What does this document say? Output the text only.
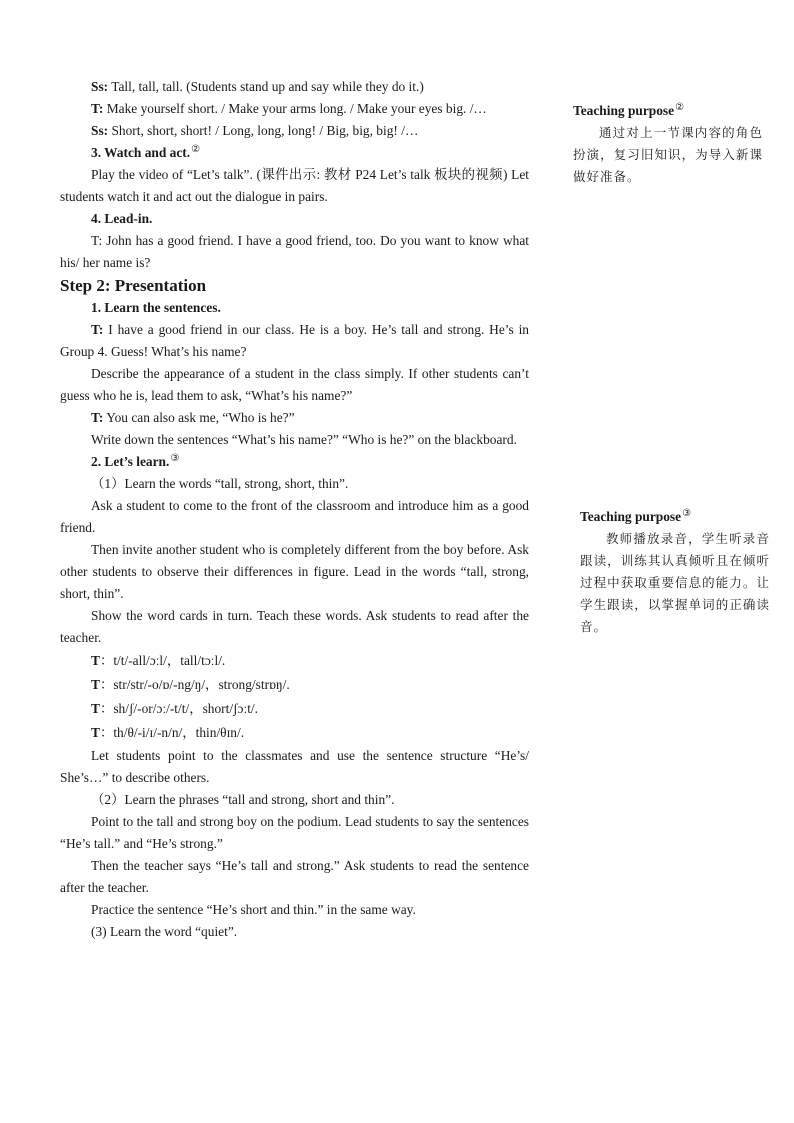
Ss: Tall, tall, tall. (Students stand up and say while they do it.)

T: Make yourself short. / Make your arms long. / Make your eyes big. /…

Ss: Short, short, short! / Long, long, long! / Big, big, big! /…

3. Watch and act.②

Play the video of “Let’s talk”. (课件出示: 教材 P24 Let’s talk 板块的视频) Let students watch it and act out the dialogue in pairs.

4. Lead-in.

T: John has a good friend. I have a good friend, too. Do you want to know what his/ her name is?

Step 2: Presentation

1. Learn the sentences.

T: I have a good friend in our class. He is a boy. He’s tall and strong. He’s in Group 4. Guess! What’s his name?

Describe the appearance of a student in the class simply. If other students can’t guess who he is, lead them to ask, “What’s his name?”

T: You can also ask me, “Who is he?”

Write down the sentences “What’s his name?” “Who is he?” on the blackboard.

2. Let’s learn.③

（1）Learn the words “tall, strong, short, thin”.

Ask a student to come to the front of the classroom and introduce him as a good friend.

Then invite another student who is completely different from the boy before. Ask other students to observe their differences in figure. Lead in the words “tall, strong, short, thin”.

Show the word cards in turn. Teach these words. Ask students to read after the teacher.

T：t/t/-all/ɔːl/，tall/tɔːl/.

T：str/str/-o/ɒ/-ng/ŋ/，strong/strɒŋ/.

T：sh/ʃ/-or/ɔː/-t/t/，short/ʃɔːt/.

T：th/θ/-i/ɪ/-n/n/，thin/θɪn/.

Let students point to the classmates and use the sentence structure “He’s/ She’s…” to describe others.

（2）Learn the phrases “tall and strong, short and thin”.

Point to the tall and strong boy on the podium. Lead students to say the sentences “He’s tall.” and “He’s strong.”

Then the teacher says “He’s tall and strong.” Ask students to read the sentence after the teacher.

Practice the sentence “He’s short and thin.” in the same way.

(3) Learn the word “quiet”.

Teaching purpose②

通过对上一节课内容的角色扮演，复习旧知识，为导入新课做好准备。

Teaching purpose③

教师播放录音，学生听录音跟读，训练其认真倾听且在倾听过程中获取重要信息的能力。让学生跟读，以掌握单词的正确读音。
